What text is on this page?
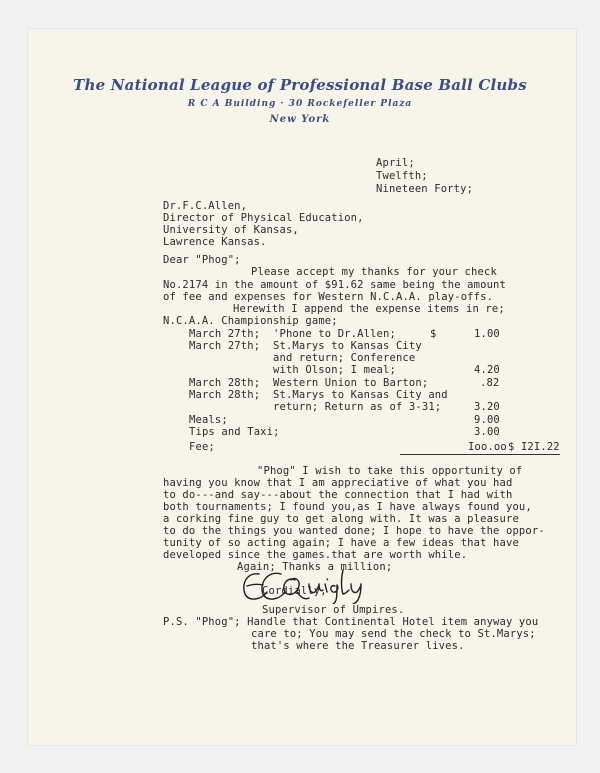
The National League of Professional Base Ball Clubs
R C A Building · 30 Rockefeller Plaza
New York
April;
Twelfth;
Nineteen Forty;
Dr.F.C.Allen,
Director of Physical Education,
University of Kansas,
Lawrence Kansas.
Dear "Phog";
Please accept my thanks for your check
No.2174 in the amount of $91.62 same being the amount
of fee and expenses for Western N.C.A.A. play-offs.
Herewith I append the expense items in re;
N.C.A.A. Championship game;
March 27th; 'Phone to Dr.Allen;	$	1.00
March 27th; St.Marys to Kansas City
and return; Conference
with Olson; I meal;	4.20
March 28th; Western Union to Barton;	.82
March 28th; St.Marys to Kansas City and
return; Return as of 3-31;	3.20
Meals;	9.00
Tips and Taxi;	3.00
Fee;	Ioo.oo $ I2I.22
"Phog" I wish to take this opportunity of
having you know that I am appreciative of what you had
to do---and say---about the connection that I had with
both tournaments; I found you,as I have always found you,
a corking fine guy to get along with. It was a pleasure
to do the things you wanted done; I hope to have the oppor-
tunity of so acting again; I have a few ideas that have
developed since the games.that are worth while.
Again; Thanks a million;
Cordially,
Supervisor of Umpires.
P.S. "Phog"; Handle that Continental Hotel item anyway you
care to; You may send the check to St.Marys;
that's where the Treasurer lives.
